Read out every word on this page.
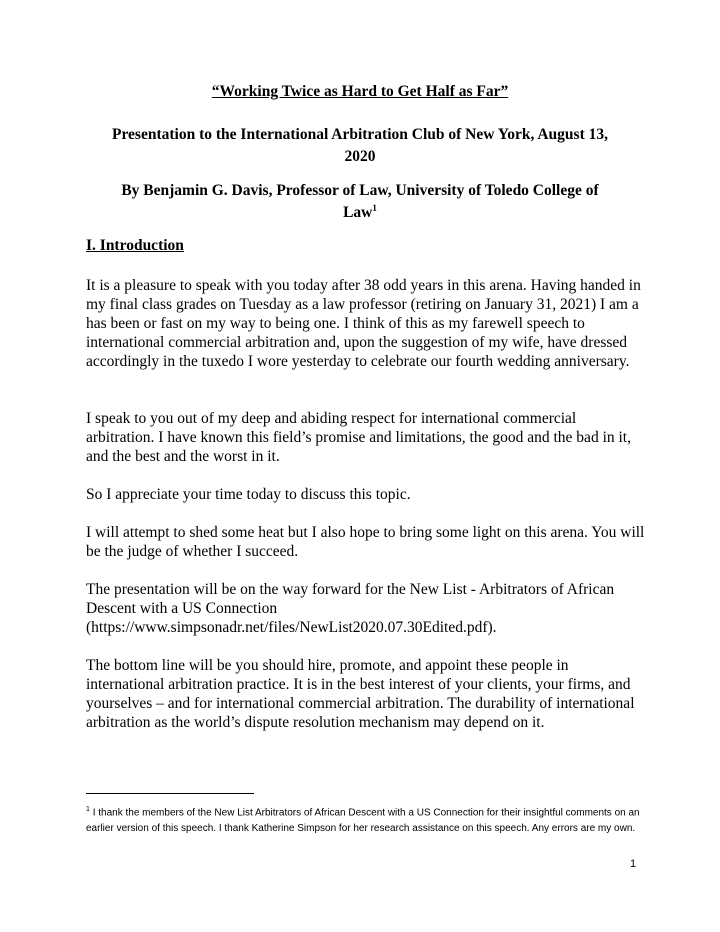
“Working Twice as Hard to Get Half as Far”
Presentation to the International Arbitration Club of New York, August 13,
2020
By Benjamin G. Davis, Professor of Law, University of Toledo College of
Law$^1$
I. Introduction

It is a pleasure to speak with you today after 38 odd years in this arena. Having handed in my final class grades on Tuesday as a law professor (retiring on January 31, 2021) I am a has been or fast on my way to being one. I think of this as my farewell speech to international commercial arbitration and, upon the suggestion of my wife, have dressed accordingly in the tuxedo I wore yesterday to celebrate our fourth wedding anniversary.

I speak to you out of my deep and abiding respect for international commercial arbitration. I have known this field’s promise and limitations, the good and the bad in it, and the best and the worst in it.

So I appreciate your time today to discuss this topic.

I will attempt to shed some heat but I also hope to bring some light on this arena. You will be the judge of whether I succeed.

The presentation will be on the way forward for the New List - Arbitrators of African Descent with a US Connection (https://www.simpsonadr.net/files/NewList2020.07.30Edited.pdf).

The bottom line will be you should hire, promote, and appoint these people in international arbitration practice. It is in the best interest of your clients, your firms, and yourselves – and for international commercial arbitration. The durability of international arbitration as the world’s dispute resolution mechanism may depend on it.

$^1$ I thank the members of the New List Arbitrators of African Descent with a US Connection for their insightful comments on an earlier version of this speech. I thank Katherine Simpson for her research assistance on this speech. Any errors are my own.
1
